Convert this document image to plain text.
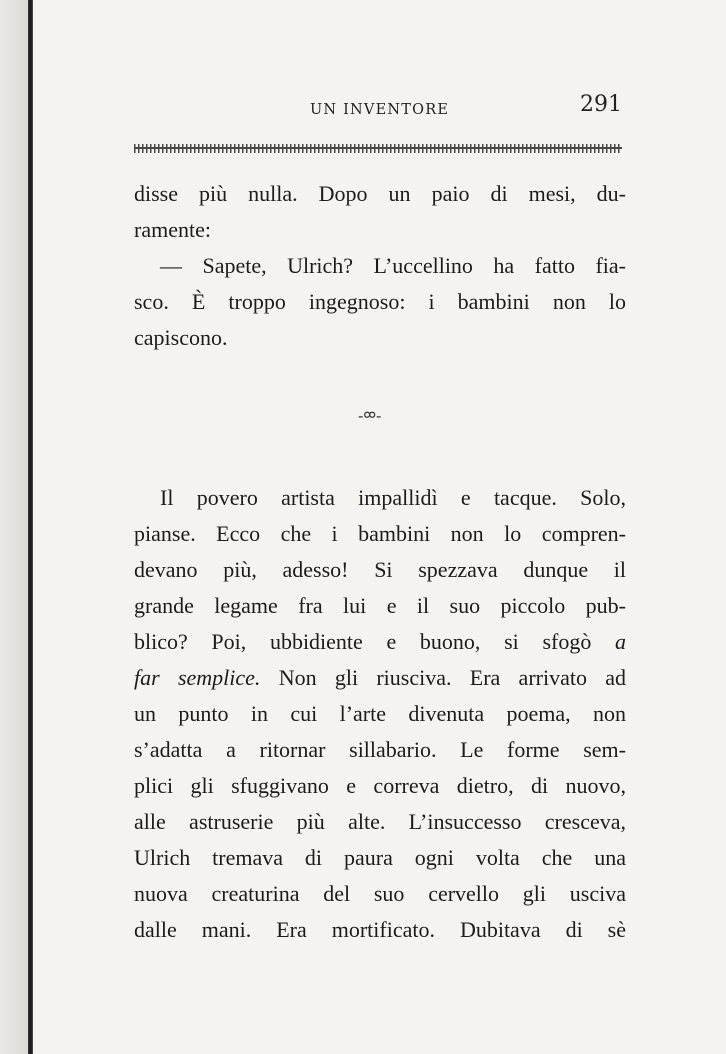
UN INVENTORE	291

disse più nulla. Dopo un paio di mesi, du-
ramente:

— Sapete, Ulrich? L’uccellino ha fatto fia-

sco. È troppo ingegnoso: i bambini non lo
capiscono.

-ᢁ-

Il povero artista impallidì e tacque. Solo,

pianse. Ecco che i bambini non lo compren-
devano più, adesso! Si spezzava dunque il
grande legame fra lui e il suo piccolo pub-
blico? Poi, ubbidiente e buono, si sfogò a
far semplice. Non gli riusciva. Era arrivato ad
un punto in cui l’arte divenuta poema, non
s’adatta a ritornar sillabario. Le forme sem-
plici gli sfuggivano e correva dietro, di nuovo,
alle astruserie più alte. L’insuccesso cresceva,
Ulrich tremava di paura ogni volta che una
nuova creaturina del suo cervello gli usciva
dalle mani. Era mortificato. Dubitava di sè
